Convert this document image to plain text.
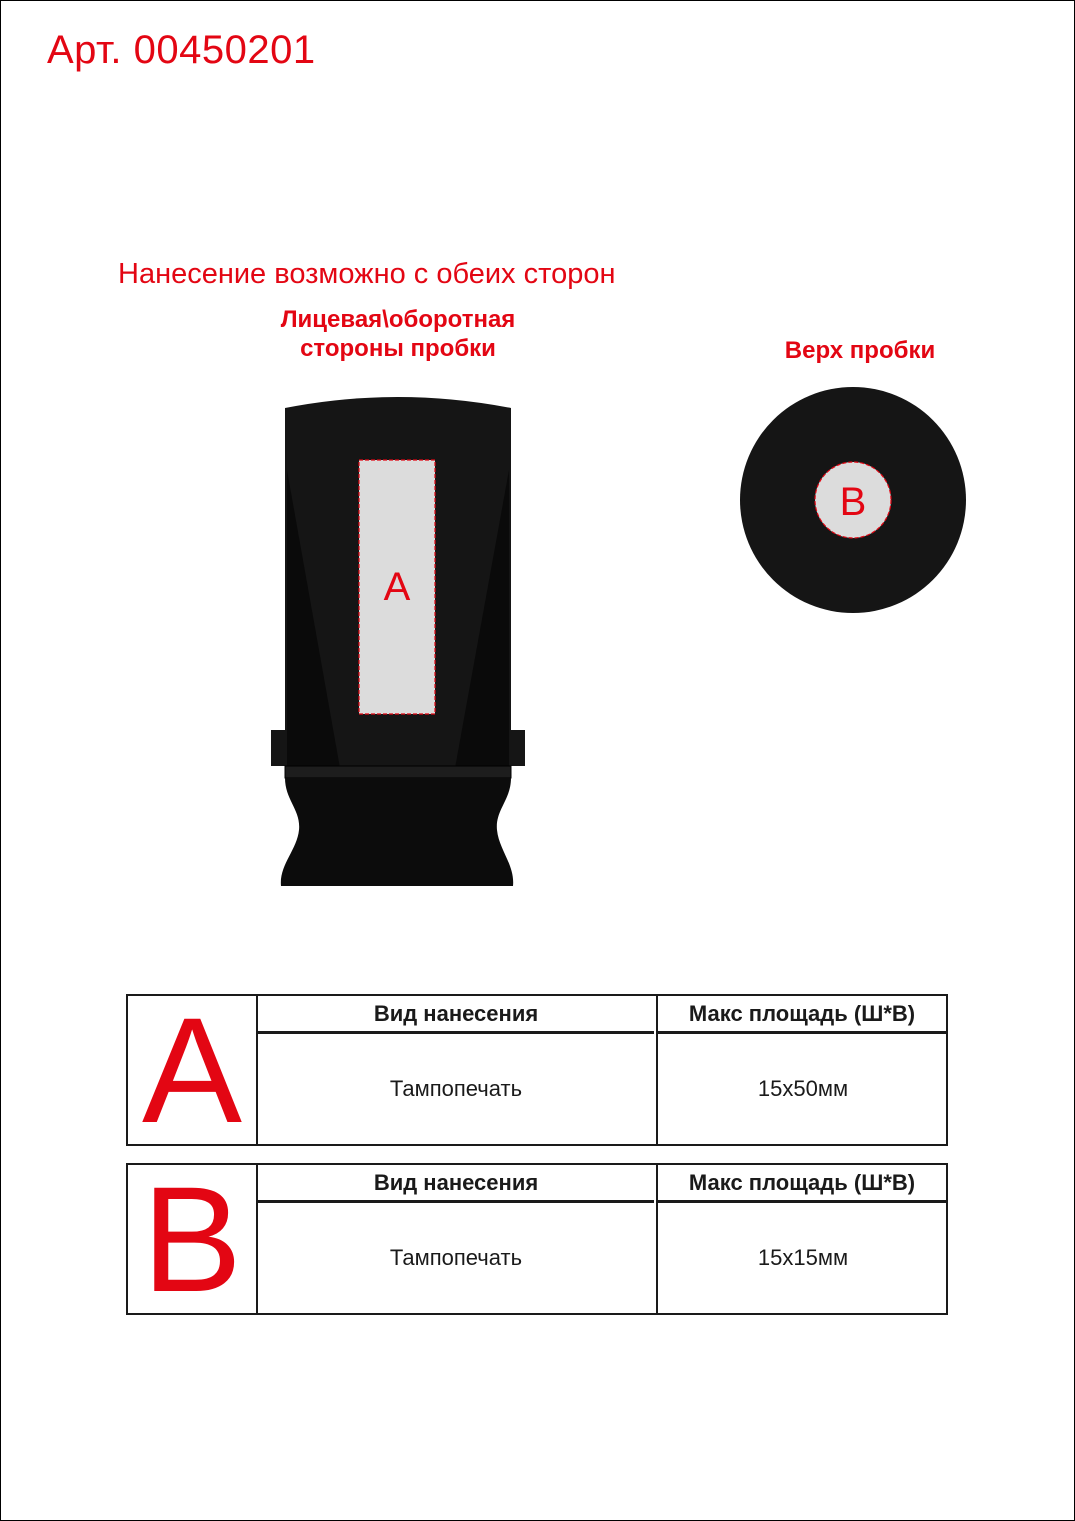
Арт. 00450201
Нанесение возможно с обеих сторон
Лицевая\оборотная
стороны пробки	Верх пробки
A
B
A	Вид нанесения	Макс площадь (Ш*В)
Тампопечать	15х50мм
B	Вид нанесения	Макс площадь (Ш*В)
Тампопечать	15х15мм
